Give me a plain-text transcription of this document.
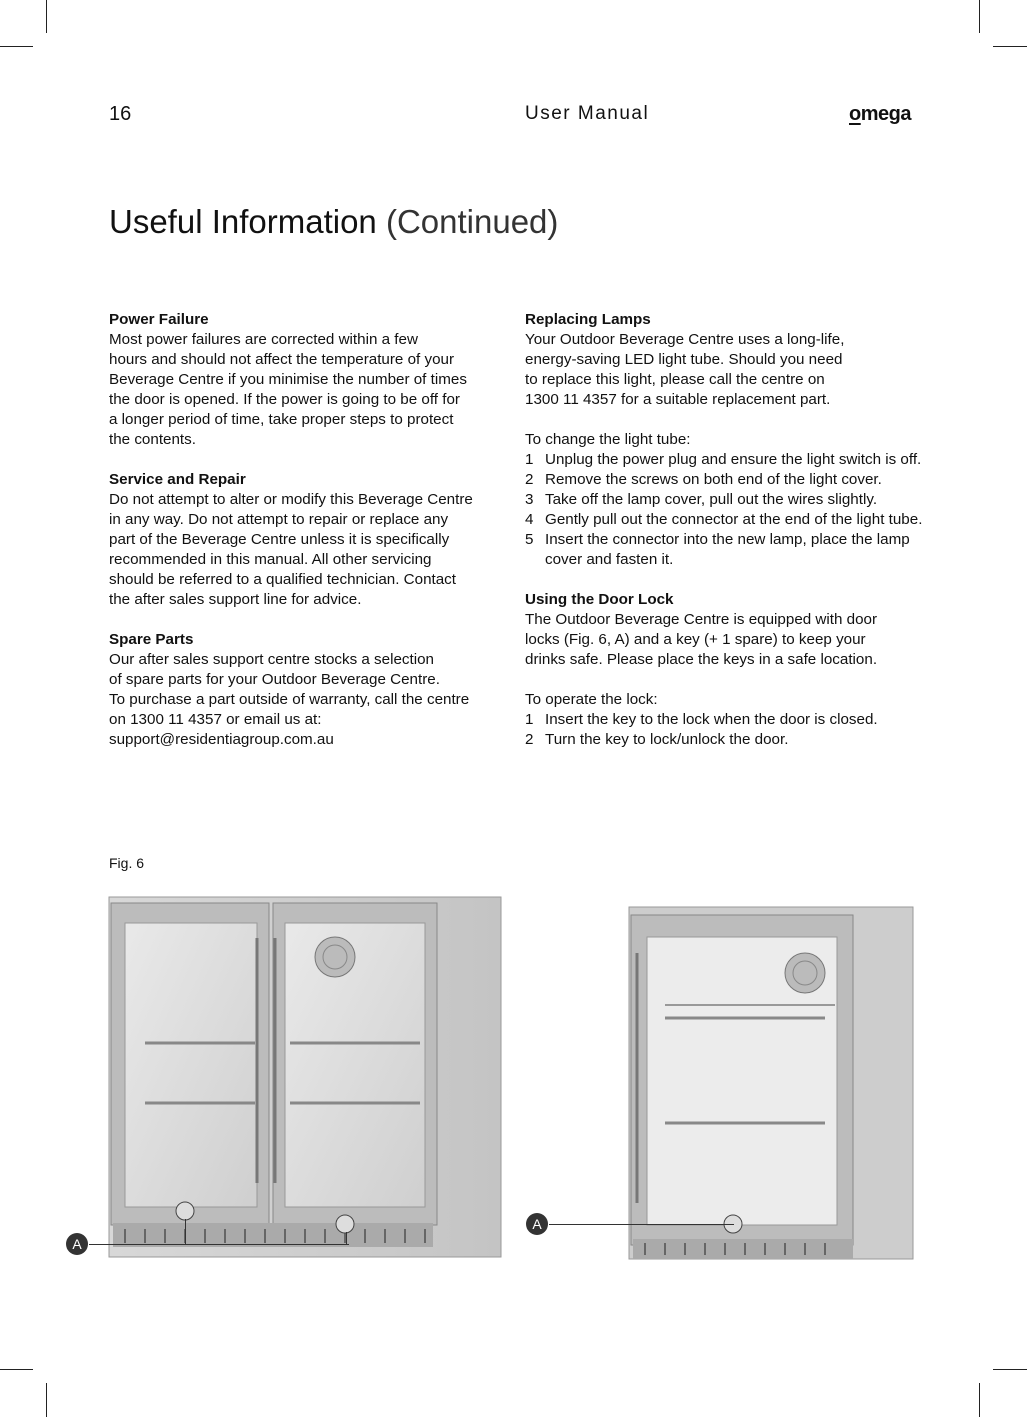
16	User Manual	omega
Useful Information (Continued)
Power Failure

Most power failures are corrected within a few
hours and should not affect the temperature of your
Beverage Centre if you minimise the number of times
the door is opened. If the power is going to be off for
a longer period of time, take proper steps to protect
the contents.

Service and Repair

Do not attempt to alter or modify this Beverage Centre
in any way. Do not attempt to repair or replace any
part of the Beverage Centre unless it is specifically
recommended in this manual. All other servicing
should be referred to a qualified technician. Contact
the after sales support line for advice.

Spare Parts

Our after sales support centre stocks a selection
of spare parts for your Outdoor Beverage Centre.
To purchase a part outside of warranty, call the centre
on 1300 11 4357 or email us at:
support@residentiagroup.com.au

Replacing Lamps

Your Outdoor Beverage Centre uses a long-life,
energy-saving LED light tube. Should you need
to replace this light, please call the centre on
1300 11 4357 for a suitable replacement part.

To change the light tube:

1 Unplug the power plug and ensure the light switch is off.
2 Remove the screws on both end of the light cover.
3 Take off the lamp cover, pull out the wires slightly.
4 Gently pull out the connector at the end of the light tube.
5 Insert the connector into the new lamp, place the lamp cover and fasten it.
Using the Door Lock

The Outdoor Beverage Centre is equipped with door
locks (Fig. 6, A) and a key (+ 1 spare) to keep your
drinks safe. Please place the keys in a safe location.

To operate the lock:

1 Insert the key to the lock when the door is closed.
2 Turn the key to lock/unlock the door.
Fig. 6
A
A
